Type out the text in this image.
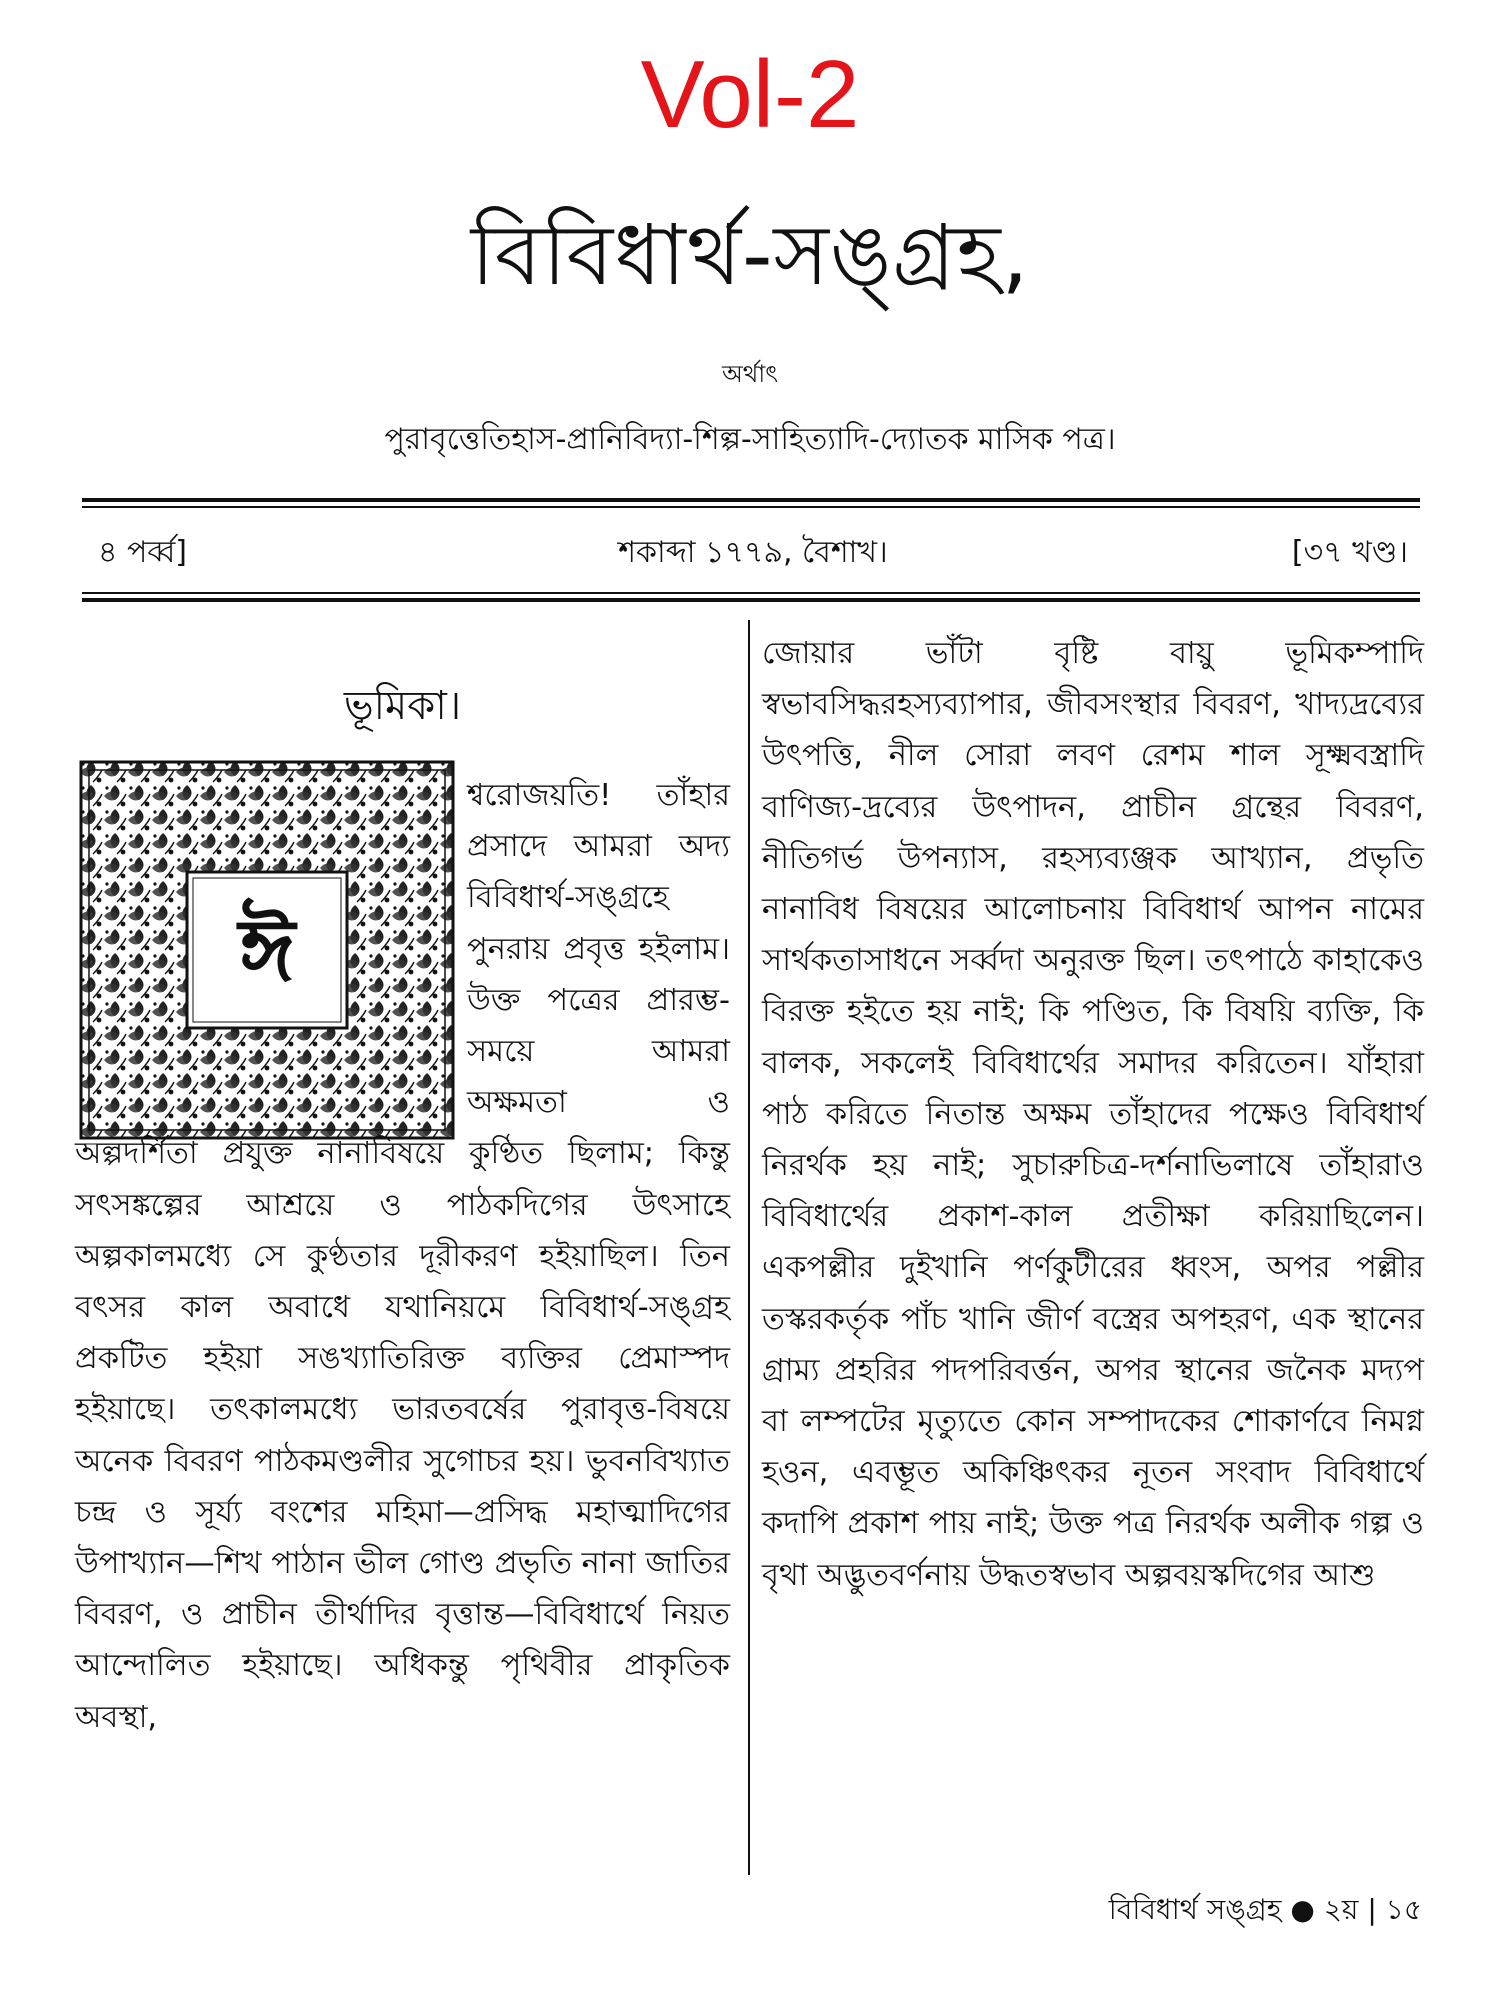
Vol-2
বিবিধার্থ-সঙ্গ্রহ,
অর্থাৎ
পুরাবৃত্তেতিহাস-প্রানিবিদ্যা-শিল্প-সাহিত্যাদি-দ্যোতক মাসিক পত্র।
শকাব্দা ১৭৭৯, বৈশাখ।
৪ পর্ব্ব]	[৩৭ খণ্ড।
ভূমিকা।
ঈ

শ্বরোজয়তি! তাঁহার প্রসাদে আমরা অদ্য বিবিধার্থ-সঙ্গ্রহে পুনরায় প্রবৃত্ত হইলাম। উক্ত পত্রের প্রারম্ভ-সময়ে আমরা অক্ষমতা ও অল্পদর্শিতা প্রযুক্ত নানাবিষয়ে কুণ্ঠিত ছিলাম; কিন্তু সৎসঙ্কল্পের আশ্রয়ে ও পাঠকদিগের উৎসাহে অল্পকালমধ্যে সে কুণ্ঠতার দূরীকরণ হইয়াছিল। তিন বৎসর কাল অবাধে যথানিয়মে বিবিধার্থ-সঙ্গ্রহ প্রকটিত হইয়া সঙখ্যাতিরিক্ত ব্যক্তির প্রেমাস্পদ হইয়াছে। তৎকালমধ্যে ভারতবর্ষের পুরাবৃত্ত-বিষয়ে অনেক বিবরণ পাঠকমণ্ডলীর সুগোচর হয়। ভুবনবিখ্যাত চন্দ্র ও সূর্য্য বংশের মহিমা—প্রসিদ্ধ মহাত্মাদিগের উপাখ্যান—শিখ পাঠান ভীল গোণ্ড প্রভৃতি নানা জাতির বিবরণ, ও প্রাচীন তীর্থাদির বৃত্তান্ত—বিবিধার্থে নিয়ত আন্দোলিত হইয়াছে। অধিকন্তু পৃথিবীর প্রাকৃতিক অবস্থা,

জোয়ার ভাঁটা বৃষ্টি বায়ু ভূমিকম্পাদি স্বভাবসিদ্ধরহস্যব্যাপার, জীবসংস্থার বিবরণ, খাদ্যদ্রব্যের উৎপত্তি, নীল সোরা লবণ রেশম শাল সূক্ষ্মবস্ত্রাদি বাণিজ্য-দ্রব্যের উৎপাদন, প্রাচীন গ্রন্থের বিবরণ, নীতিগর্ভ উপন্যাস, রহস্যব্যঞ্জক আখ্যান, প্রভৃতি নানাবিধ বিষয়ের আলোচনায় বিবিধার্থ আপন নামের সার্থকতাসাধনে সর্ব্বদা অনুরক্ত ছিল। তৎপাঠে কাহাকেও বিরক্ত হইতে হয় নাই; কি পণ্ডিত, কি বিষয়ি ব্যক্তি, কি বালক, সকলেই বিবিধার্থের সমাদর করিতেন। যাঁহারা পাঠ করিতে নিতান্ত অক্ষম তাঁহাদের পক্ষেও বিবিধার্থ নিরর্থক হয় নাই; সুচারুচিত্র-দর্শনাভিলাষে তাঁহারাও বিবিধার্থের প্রকাশ-কাল প্রতীক্ষা করিয়াছিলেন। একপল্লীর দুইখানি পর্ণকুটীরের ধ্বংস, অপর পল্লীর তস্করকর্তৃক পাঁচ খানি জীর্ণ বস্ত্রের অপহরণ, এক স্থানের গ্রাম্য প্রহরির পদপরিবর্ত্তন, অপর স্থানের জনৈক মদ্যপ বা লম্পটের মৃত্যুতে কোন সম্পাদকের শোকার্ণবে নিমগ্ন হওন, এবম্ভূত অকিঞ্চিৎকর নূতন সংবাদ বিবিধার্থে কদাপি প্রকাশ পায় নাই; উক্ত পত্র নিরর্থক অলীক গল্প ও বৃথা অদ্ভুতবর্ণনায় উদ্ধতস্বভাব অল্পবয়স্কদিগের আশু

বিবিধার্থ সঙ্গ্রহ ● ২য় | ১৫
